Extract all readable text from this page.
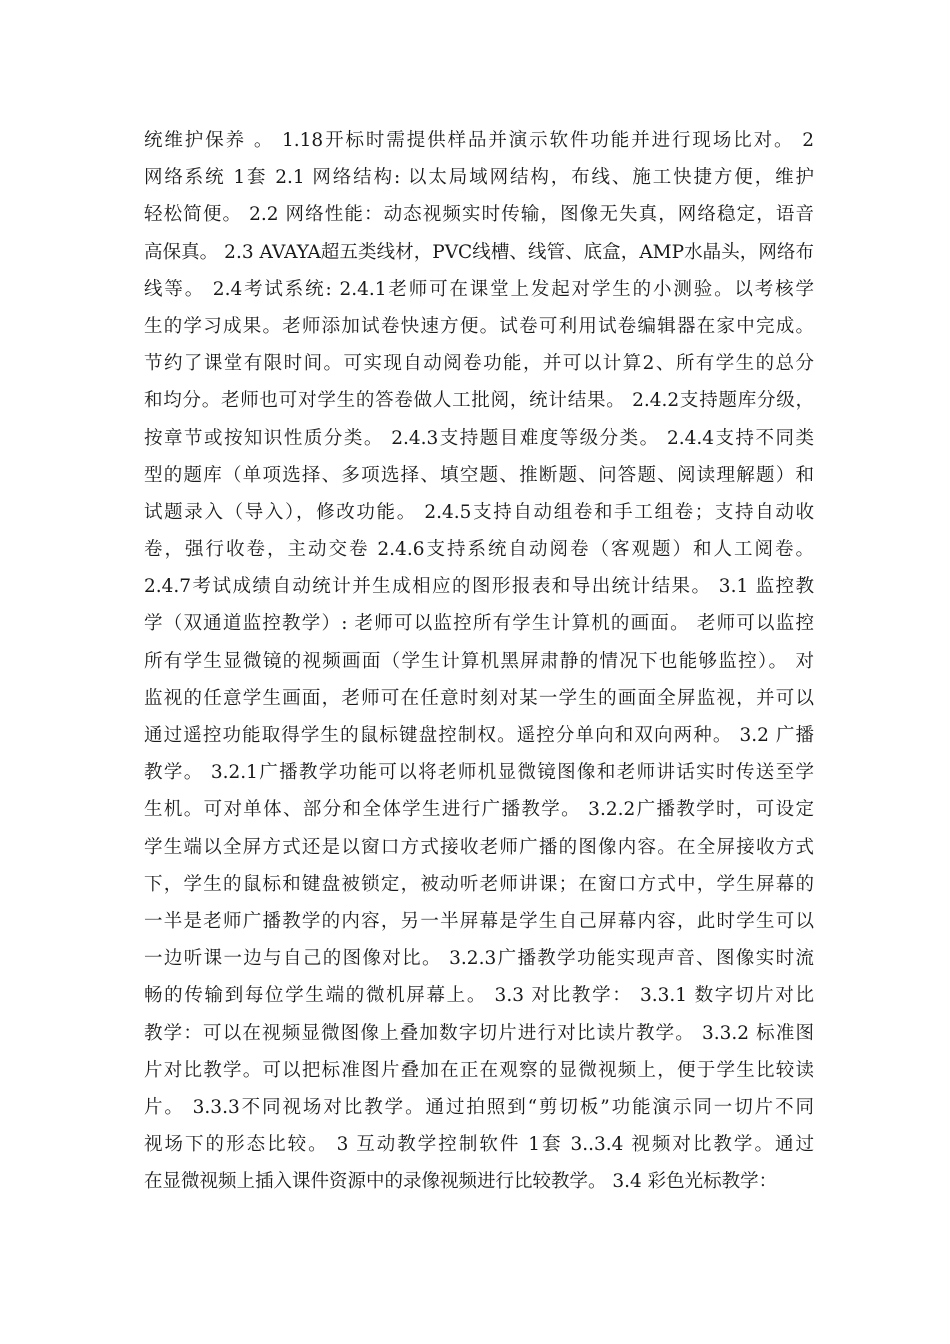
统维护保养 。 1.18开标时需提供样品并演示软件功能并进行现场比对。 2
网络系统 1套 2.1 网络结构: 以太局域网结构，布线、施工快捷方便，维护
轻松简便。 2.2 网络性能：动态视频实时传输，图像无失真，网络稳定，语音
高保真。 2.3 AVAYA超五类线材，PVC线槽、线管、底盒，AMP水晶头，网络布
线等。 2.4考试系统: 2.4.1老师可在课堂上发起对学生的小测验。以考核学
生的学习成果。老师添加试卷快速方便。试卷可利用试卷编辑器在家中完成。
节约了课堂有限时间。可实现自动阅卷功能，并可以计算2、所有学生的总分
和均分。老师也可对学生的答卷做人工批阅，统计结果。 2.4.2支持题库分级，
按章节或按知识性质分类。 2.4.3支持题目难度等级分类。 2.4.4支持不同类
型的题库（单项选择、多项选择、填空题、推断题、问答题、阅读理解题）和
试题录入（导入），修改功能。 2.4.5支持自动组卷和手工组卷；支持自动收
卷，强行收卷，主动交卷 2.4.6支持系统自动阅卷（客观题）和人工阅卷。
2.4.7考试成绩自动统计并生成相应的图形报表和导出统计结果。 3.1 监控教
学（双通道监控教学）: 老师可以监控所有学生计算机的画面。 老师可以监控
所有学生显微镜的视频画面（学生计算机黑屏肃静的情况下也能够监控）。 对
监视的任意学生画面，老师可在任意时刻对某一学生的画面全屏监视，并可以
通过遥控功能取得学生的鼠标键盘控制权。遥控分单向和双向两种。 3.2 广播
教学。 3.2.1广播教学功能可以将老师机显微镜图像和老师讲话实时传送至学
生机。可对单体、部分和全体学生进行广播教学。 3.2.2广播教学时，可设定
学生端以全屏方式还是以窗口方式接收老师广播的图像内容。在全屏接收方式
下，学生的鼠标和键盘被锁定，被动听老师讲课；在窗口方式中，学生屏幕的
一半是老师广播教学的内容，另一半屏幕是学生自己屏幕内容，此时学生可以
一边听课一边与自己的图像对比。 3.2.3广播教学功能实现声音、图像实时流
畅的传输到每位学生端的微机屏幕上。 3.3 对比教学： 3.3.1 数字切片对比
教学：可以在视频显微图像上叠加数字切片进行对比读片教学。 3.3.2 标准图
片对比教学。可以把标准图片叠加在正在观察的显微视频上，便于学生比较读
片。 3.3.3不同视场对比教学。通过拍照到“剪切板”功能演示同一切片不同
视场下的形态比较。 3 互动教学控制软件 1套 3..3.4 视频对比教学。通过
在显微视频上插入课件资源中的录像视频进行比较教学。 3.4 彩色光标教学：
